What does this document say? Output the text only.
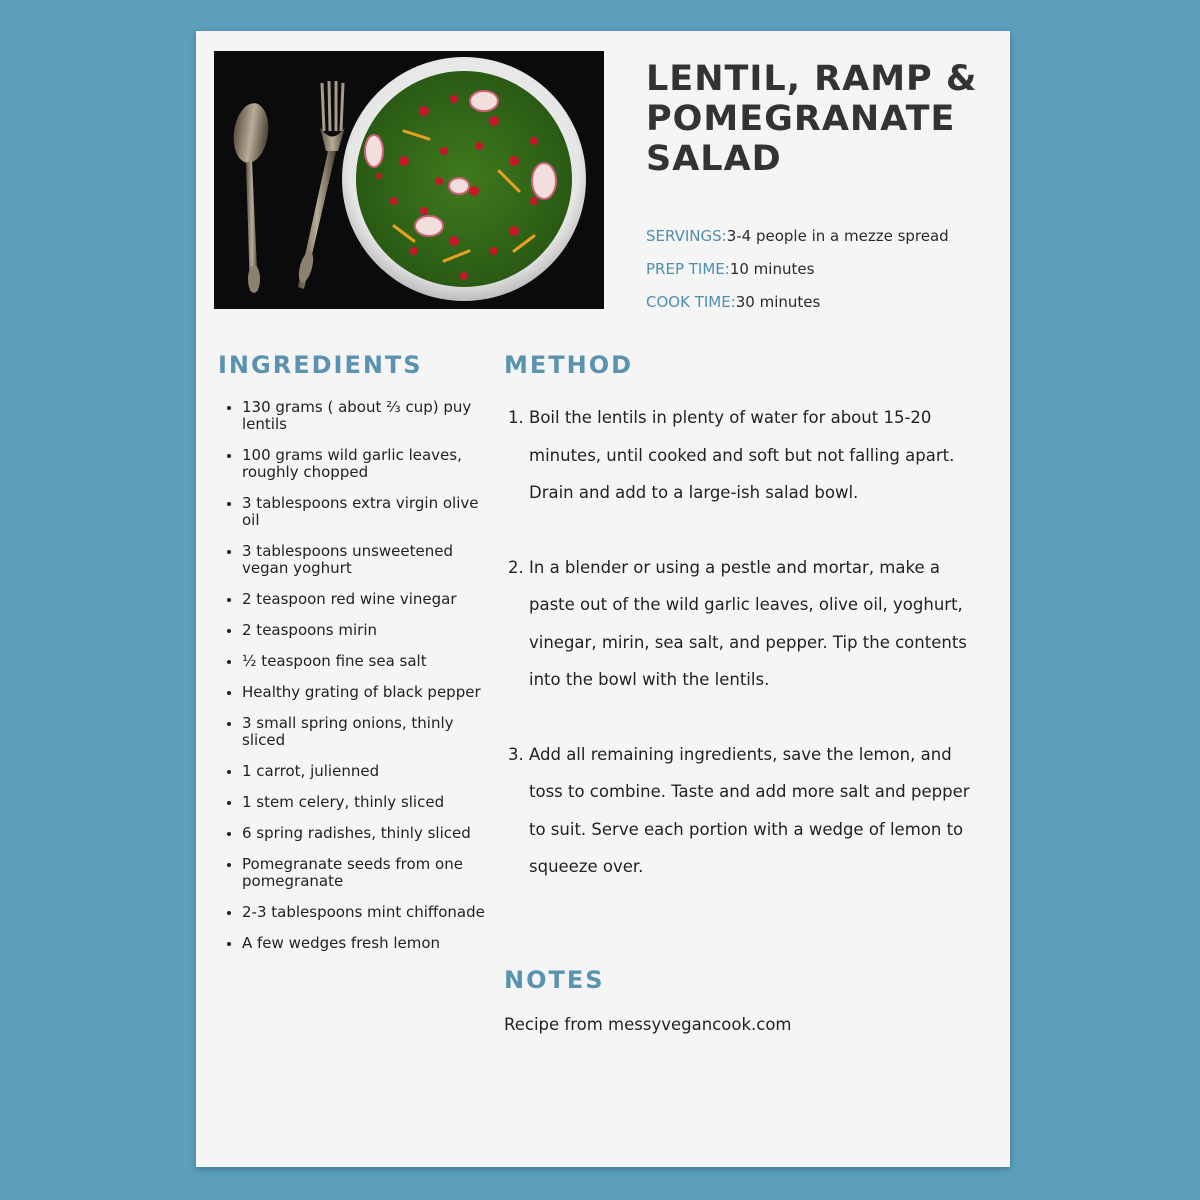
LENTIL, RAMP & POMEGRANATE SALAD
SERVINGS:3-4 people in a mezze spread
PREP TIME:10 minutes
COOK TIME:30 minutes
INGREDIENTS
• 130 grams ( about ⅔ cup) puy lentils
• 100 grams wild garlic leaves, roughly chopped
• 3 tablespoons extra virgin olive oil
• 3 tablespoons unsweetened vegan yoghurt
• 2 teaspoon red wine vinegar
• 2 teaspoons mirin
• ½ teaspoon fine sea salt
• Healthy grating of black pepper
• 3 small spring onions, thinly sliced
• 1 carrot, julienned
• 1 stem celery, thinly sliced
• 6 spring radishes, thinly sliced
• Pomegranate seeds from one pomegranate
• 2-3 tablespoons mint chiffonade
• A few wedges fresh lemon
METHOD
1. Boil the lentils in plenty of water for about 15-20 minutes, until cooked and soft but not falling apart. Drain and add to a large-ish salad bowl.
2. In a blender or using a pestle and mortar, make a paste out of the wild garlic leaves, olive oil, yoghurt, vinegar, mirin, sea salt, and pepper. Tip the contents into the bowl with the lentils.
3. Add all remaining ingredients, save the lemon, and toss to combine. Taste and add more salt and pepper to suit. Serve each portion with a wedge of lemon to squeeze over.
NOTES

Recipe from messyvegancook.com
